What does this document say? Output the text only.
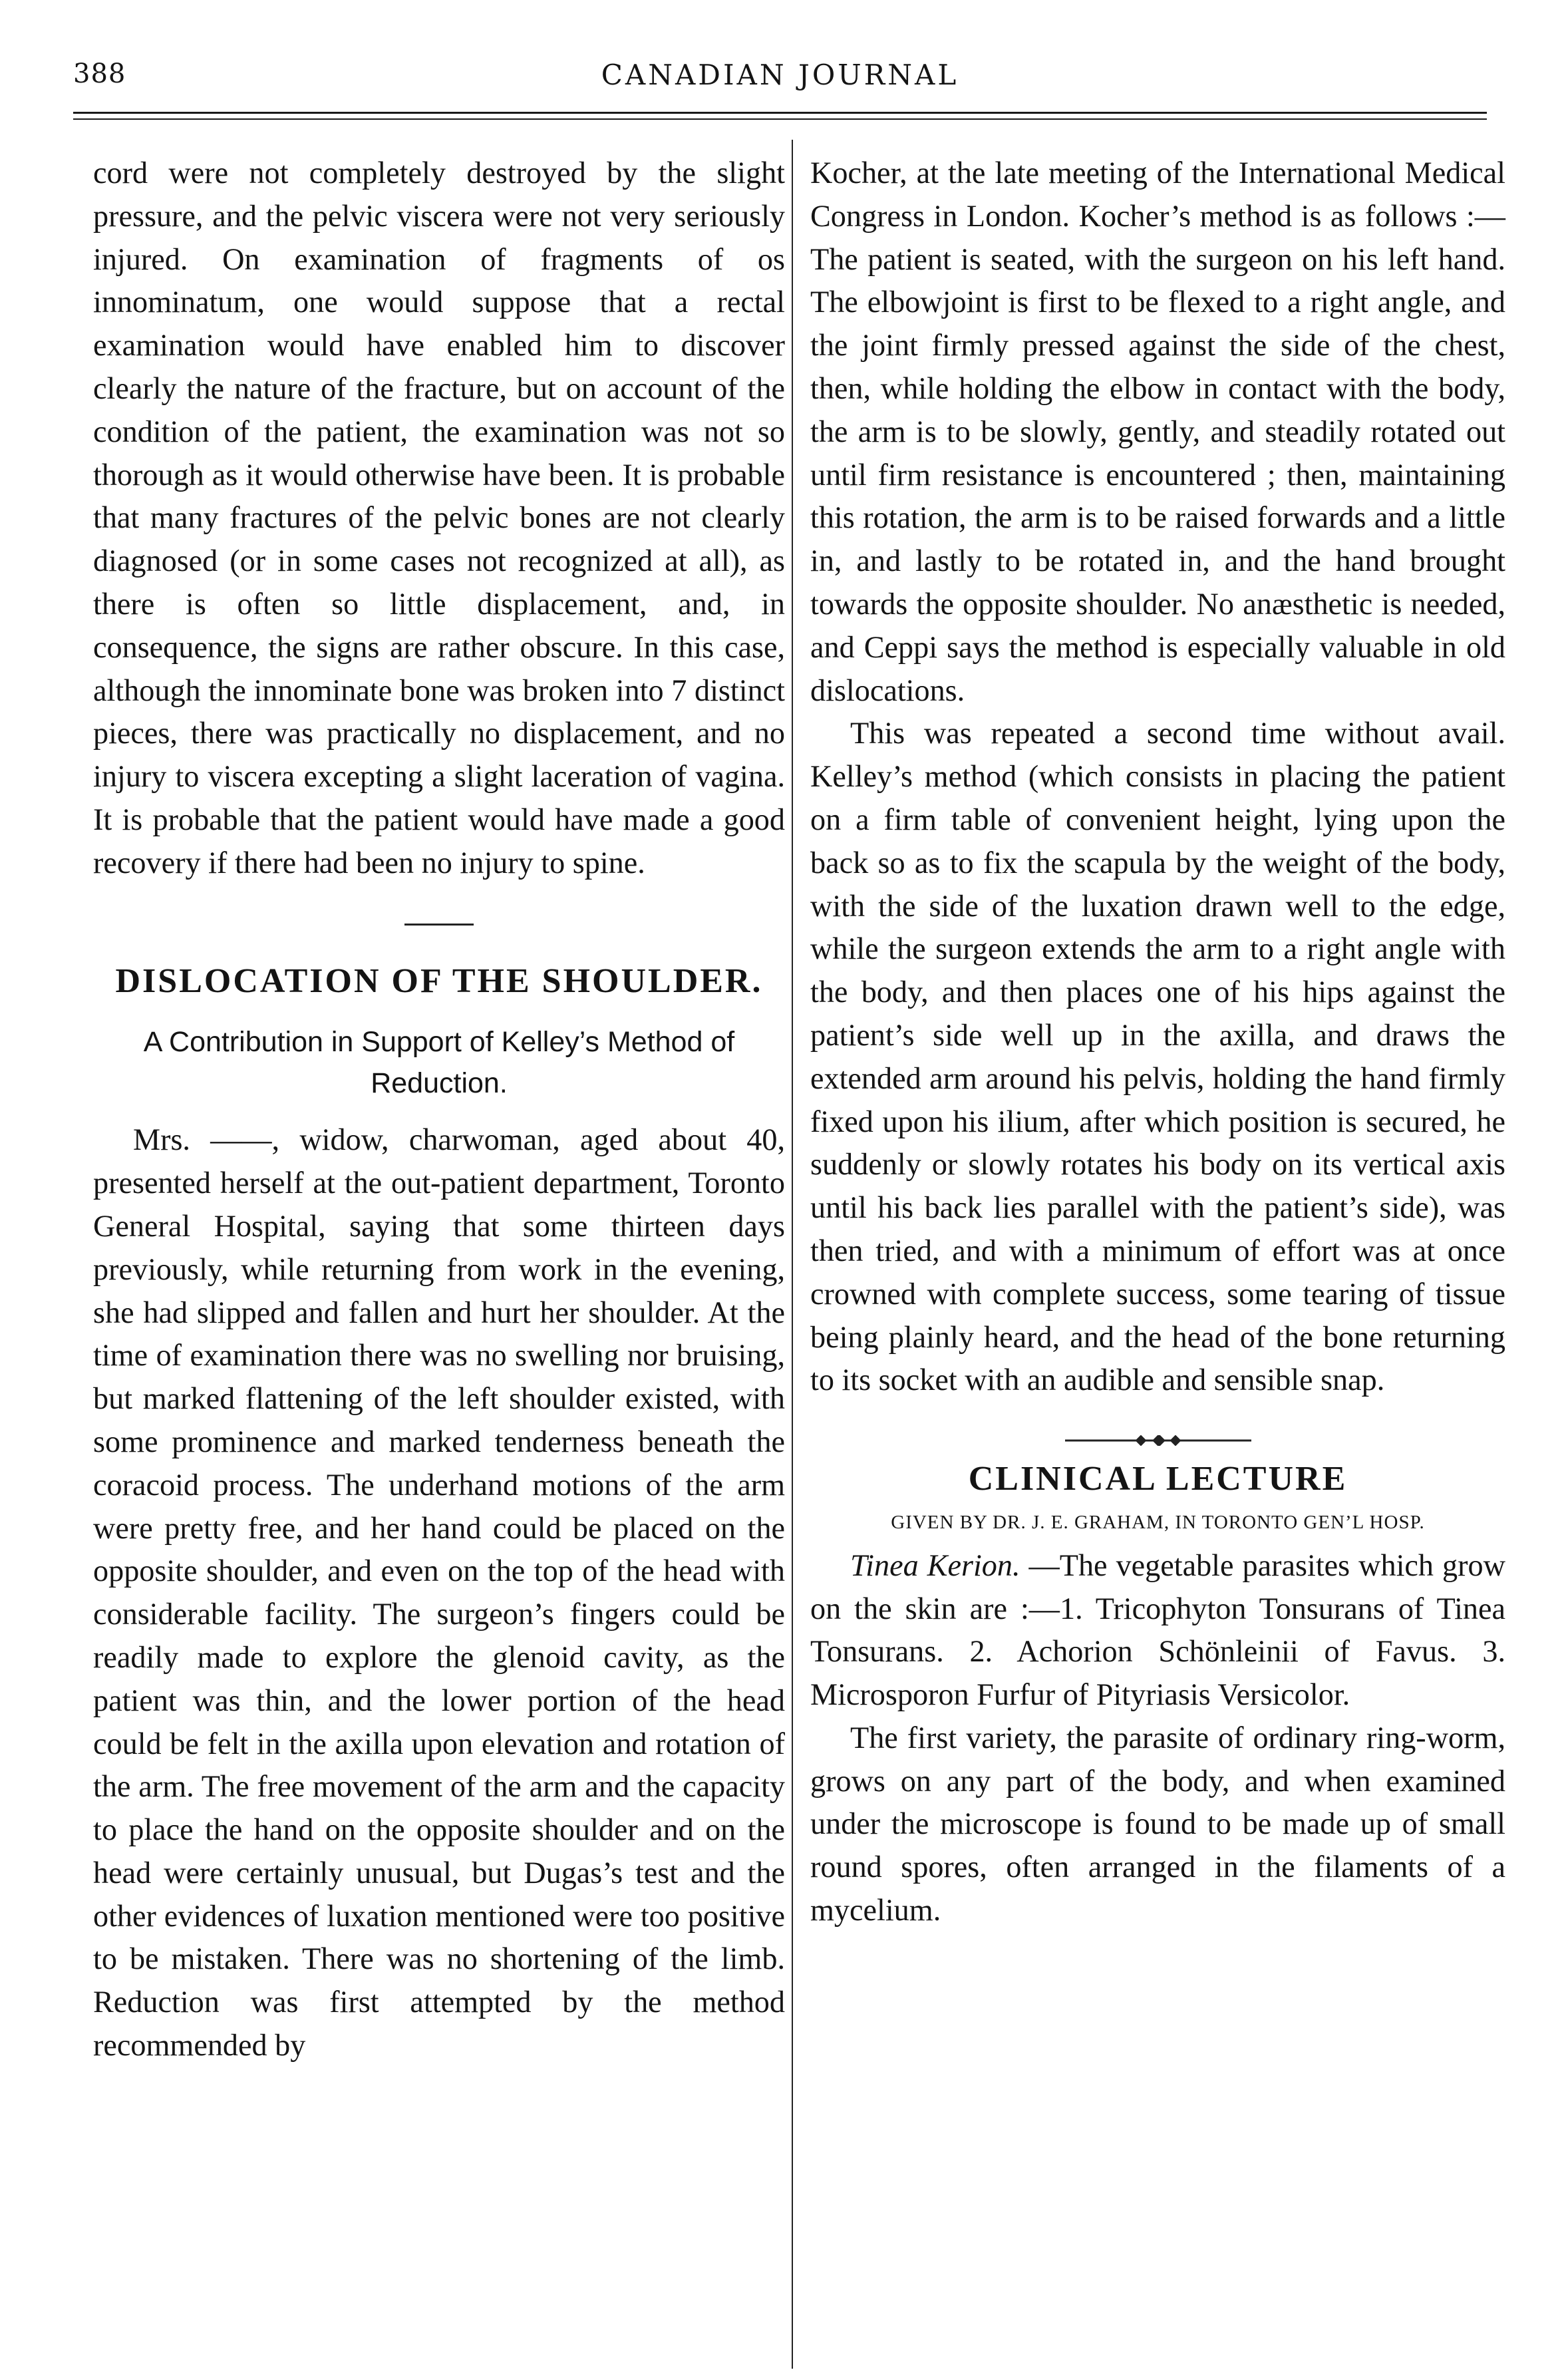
388	CANADIAN JOURNAL

cord were not completely destroyed by the slight pressure, and the pelvic viscera were not very seriously injured. On examination of fragments of os innominatum, one would suppose that a rectal examination would have enabled him to discover clearly the nature of the fracture, but on account of the condition of the patient, the examination was not so thorough as it would otherwise have been. It is probable that many fractures of the pelvic bones are not clearly diagnosed (or in some cases not recognized at all), as there is often so little displacement, and, in consequence, the signs are rather obscure. In this case, although the innominate bone was broken into 7 distinct pieces, there was practically no displacement, and no injury to viscera excepting a slight laceration of vagina. It is probable that the patient would have made a good recovery if there had been no injury to spine.

DISLOCATION OF THE SHOULDER.

A Contribution in Support of Kelley’s Method of Reduction.

Mrs. ——, widow, charwoman, aged about 40, presented herself at the out-patient department, Toronto General Hospital, saying that some thirteen days previously, while returning from work in the evening, she had slipped and fallen and hurt her shoulder. At the time of examination there was no swelling nor bruising, but marked flattening of the left shoulder existed, with some prominence and marked tenderness beneath the coracoid process. The underhand motions of the arm were pretty free, and her hand could be placed on the opposite shoulder, and even on the top of the head with considerable facility. The surgeon’s fingers could be readily made to explore the glenoid cavity, as the patient was thin, and the lower portion of the head could be felt in the axilla upon elevation and rotation of the arm. The free movement of the arm and the capacity to place the hand on the opposite shoulder and on the head were certainly unusual, but Dugas’s test and the other evidences of luxation mentioned were too positive to be mistaken. There was no shortening of the limb. Reduction was first attempted by the method recommended by

Kocher, at the late meeting of the International Medical Congress in London. Kocher’s method is as follows :—The patient is seated, with the surgeon on his left hand. The elbowjoint is first to be flexed to a right angle, and the joint firmly pressed against the side of the chest, then, while holding the elbow in contact with the body, the arm is to be slowly, gently, and steadily rotated out until firm resistance is encountered ; then, maintaining this rotation, the arm is to be raised forwards and a little in, and lastly to be rotated in, and the hand brought towards the opposite shoulder. No anæsthetic is needed, and Ceppi says the method is especially valuable in old dislocations.

This was repeated a second time without avail. Kelley’s method (which consists in placing the patient on a firm table of convenient height, lying upon the back so as to fix the scapula by the weight of the body, with the side of the luxation drawn well to the edge, while the surgeon extends the arm to a right angle with the body, and then places one of his hips against the patient’s side well up in the axilla, and draws the extended arm around his pelvis, holding the hand firmly fixed upon his ilium, after which position is secured, he suddenly or slowly rotates his body on its vertical axis until his back lies parallel with the patient’s side), was then tried, and with a minimum of effort was at once crowned with complete success, some tearing of tissue being plainly heard, and the head of the bone returning to its socket with an audible and sensible snap.

CLINICAL LECTURE

GIVEN BY DR. J. E. GRAHAM, IN TORONTO GEN’L HOSP.

Tinea Kerion. —The vegetable parasites which grow on the skin are :—1. Tricophyton Tonsurans of Tinea Tonsurans. 2. Achorion Schönleinii of Favus. 3. Microsporon Furfur of Pityriasis Versicolor.

The first variety, the parasite of ordinary ring-worm, grows on any part of the body, and when examined under the microscope is found to be made up of small round spores, often arranged in the filaments of a mycelium.
